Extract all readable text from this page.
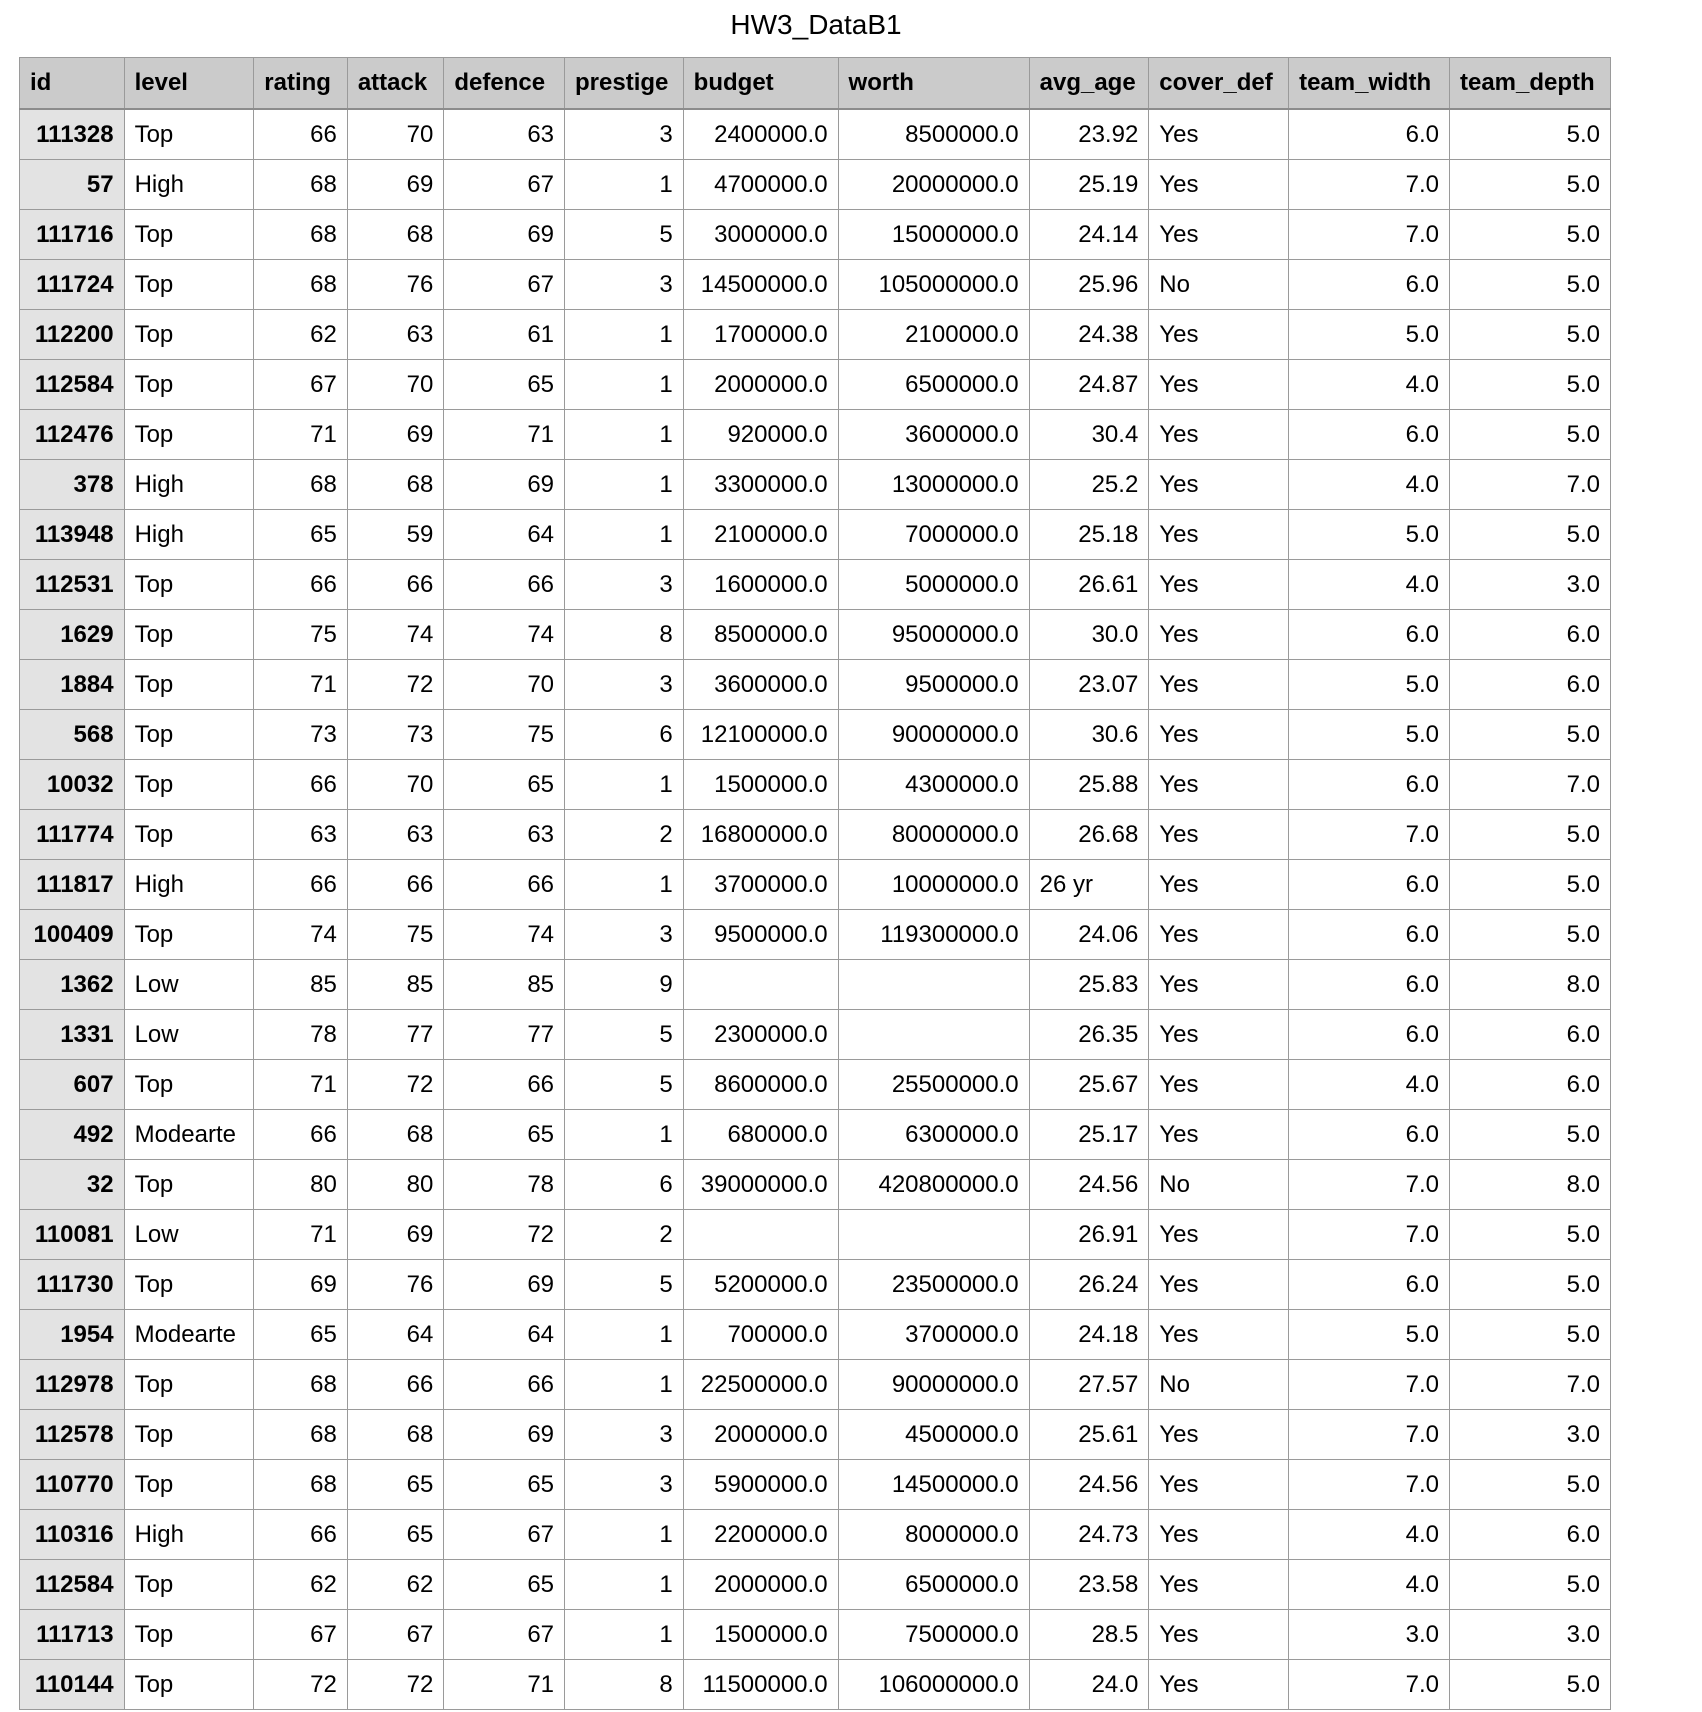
HW3_DataB1
id	level	rating	attack	defence	prestige	budget	worth	avg_age	cover_def	team_width	team_depth
111328	Top	66	70	63	3	2400000.0	8500000.0	23.92	Yes	6.0	5.0
57	High	68	69	67	1	4700000.0	20000000.0	25.19	Yes	7.0	5.0
111716	Top	68	68	69	5	3000000.0	15000000.0	24.14	Yes	7.0	5.0
111724	Top	68	76	67	3	14500000.0	105000000.0	25.96	No	6.0	5.0
112200	Top	62	63	61	1	1700000.0	2100000.0	24.38	Yes	5.0	5.0
112584	Top	67	70	65	1	2000000.0	6500000.0	24.87	Yes	4.0	5.0
112476	Top	71	69	71	1	920000.0	3600000.0	30.4	Yes	6.0	5.0
378	High	68	68	69	1	3300000.0	13000000.0	25.2	Yes	4.0	7.0
113948	High	65	59	64	1	2100000.0	7000000.0	25.18	Yes	5.0	5.0
112531	Top	66	66	66	3	1600000.0	5000000.0	26.61	Yes	4.0	3.0
1629	Top	75	74	74	8	8500000.0	95000000.0	30.0	Yes	6.0	6.0
1884	Top	71	72	70	3	3600000.0	9500000.0	23.07	Yes	5.0	6.0
568	Top	73	73	75	6	12100000.0	90000000.0	30.6	Yes	5.0	5.0
10032	Top	66	70	65	1	1500000.0	4300000.0	25.88	Yes	6.0	7.0
111774	Top	63	63	63	2	16800000.0	80000000.0	26.68	Yes	7.0	5.0
111817	High	66	66	66	1	3700000.0	10000000.0	26 yr	Yes	6.0	5.0
100409	Top	74	75	74	3	9500000.0	119300000.0	24.06	Yes	6.0	5.0
1362	Low	85	85	85	9			25.83	Yes	6.0	8.0
1331	Low	78	77	77	5	2300000.0		26.35	Yes	6.0	6.0
607	Top	71	72	66	5	8600000.0	25500000.0	25.67	Yes	4.0	6.0
492	Modearte	66	68	65	1	680000.0	6300000.0	25.17	Yes	6.0	5.0
32	Top	80	80	78	6	39000000.0	420800000.0	24.56	No	7.0	8.0
110081	Low	71	69	72	2			26.91	Yes	7.0	5.0
111730	Top	69	76	69	5	5200000.0	23500000.0	26.24	Yes	6.0	5.0
1954	Modearte	65	64	64	1	700000.0	3700000.0	24.18	Yes	5.0	5.0
112978	Top	68	66	66	1	22500000.0	90000000.0	27.57	No	7.0	7.0
112578	Top	68	68	69	3	2000000.0	4500000.0	25.61	Yes	7.0	3.0
110770	Top	68	65	65	3	5900000.0	14500000.0	24.56	Yes	7.0	5.0
110316	High	66	65	67	1	2200000.0	8000000.0	24.73	Yes	4.0	6.0
112584	Top	62	62	65	1	2000000.0	6500000.0	23.58	Yes	4.0	5.0
111713	Top	67	67	67	1	1500000.0	7500000.0	28.5	Yes	3.0	3.0
110144	Top	72	72	71	8	11500000.0	106000000.0	24.0	Yes	7.0	5.0
